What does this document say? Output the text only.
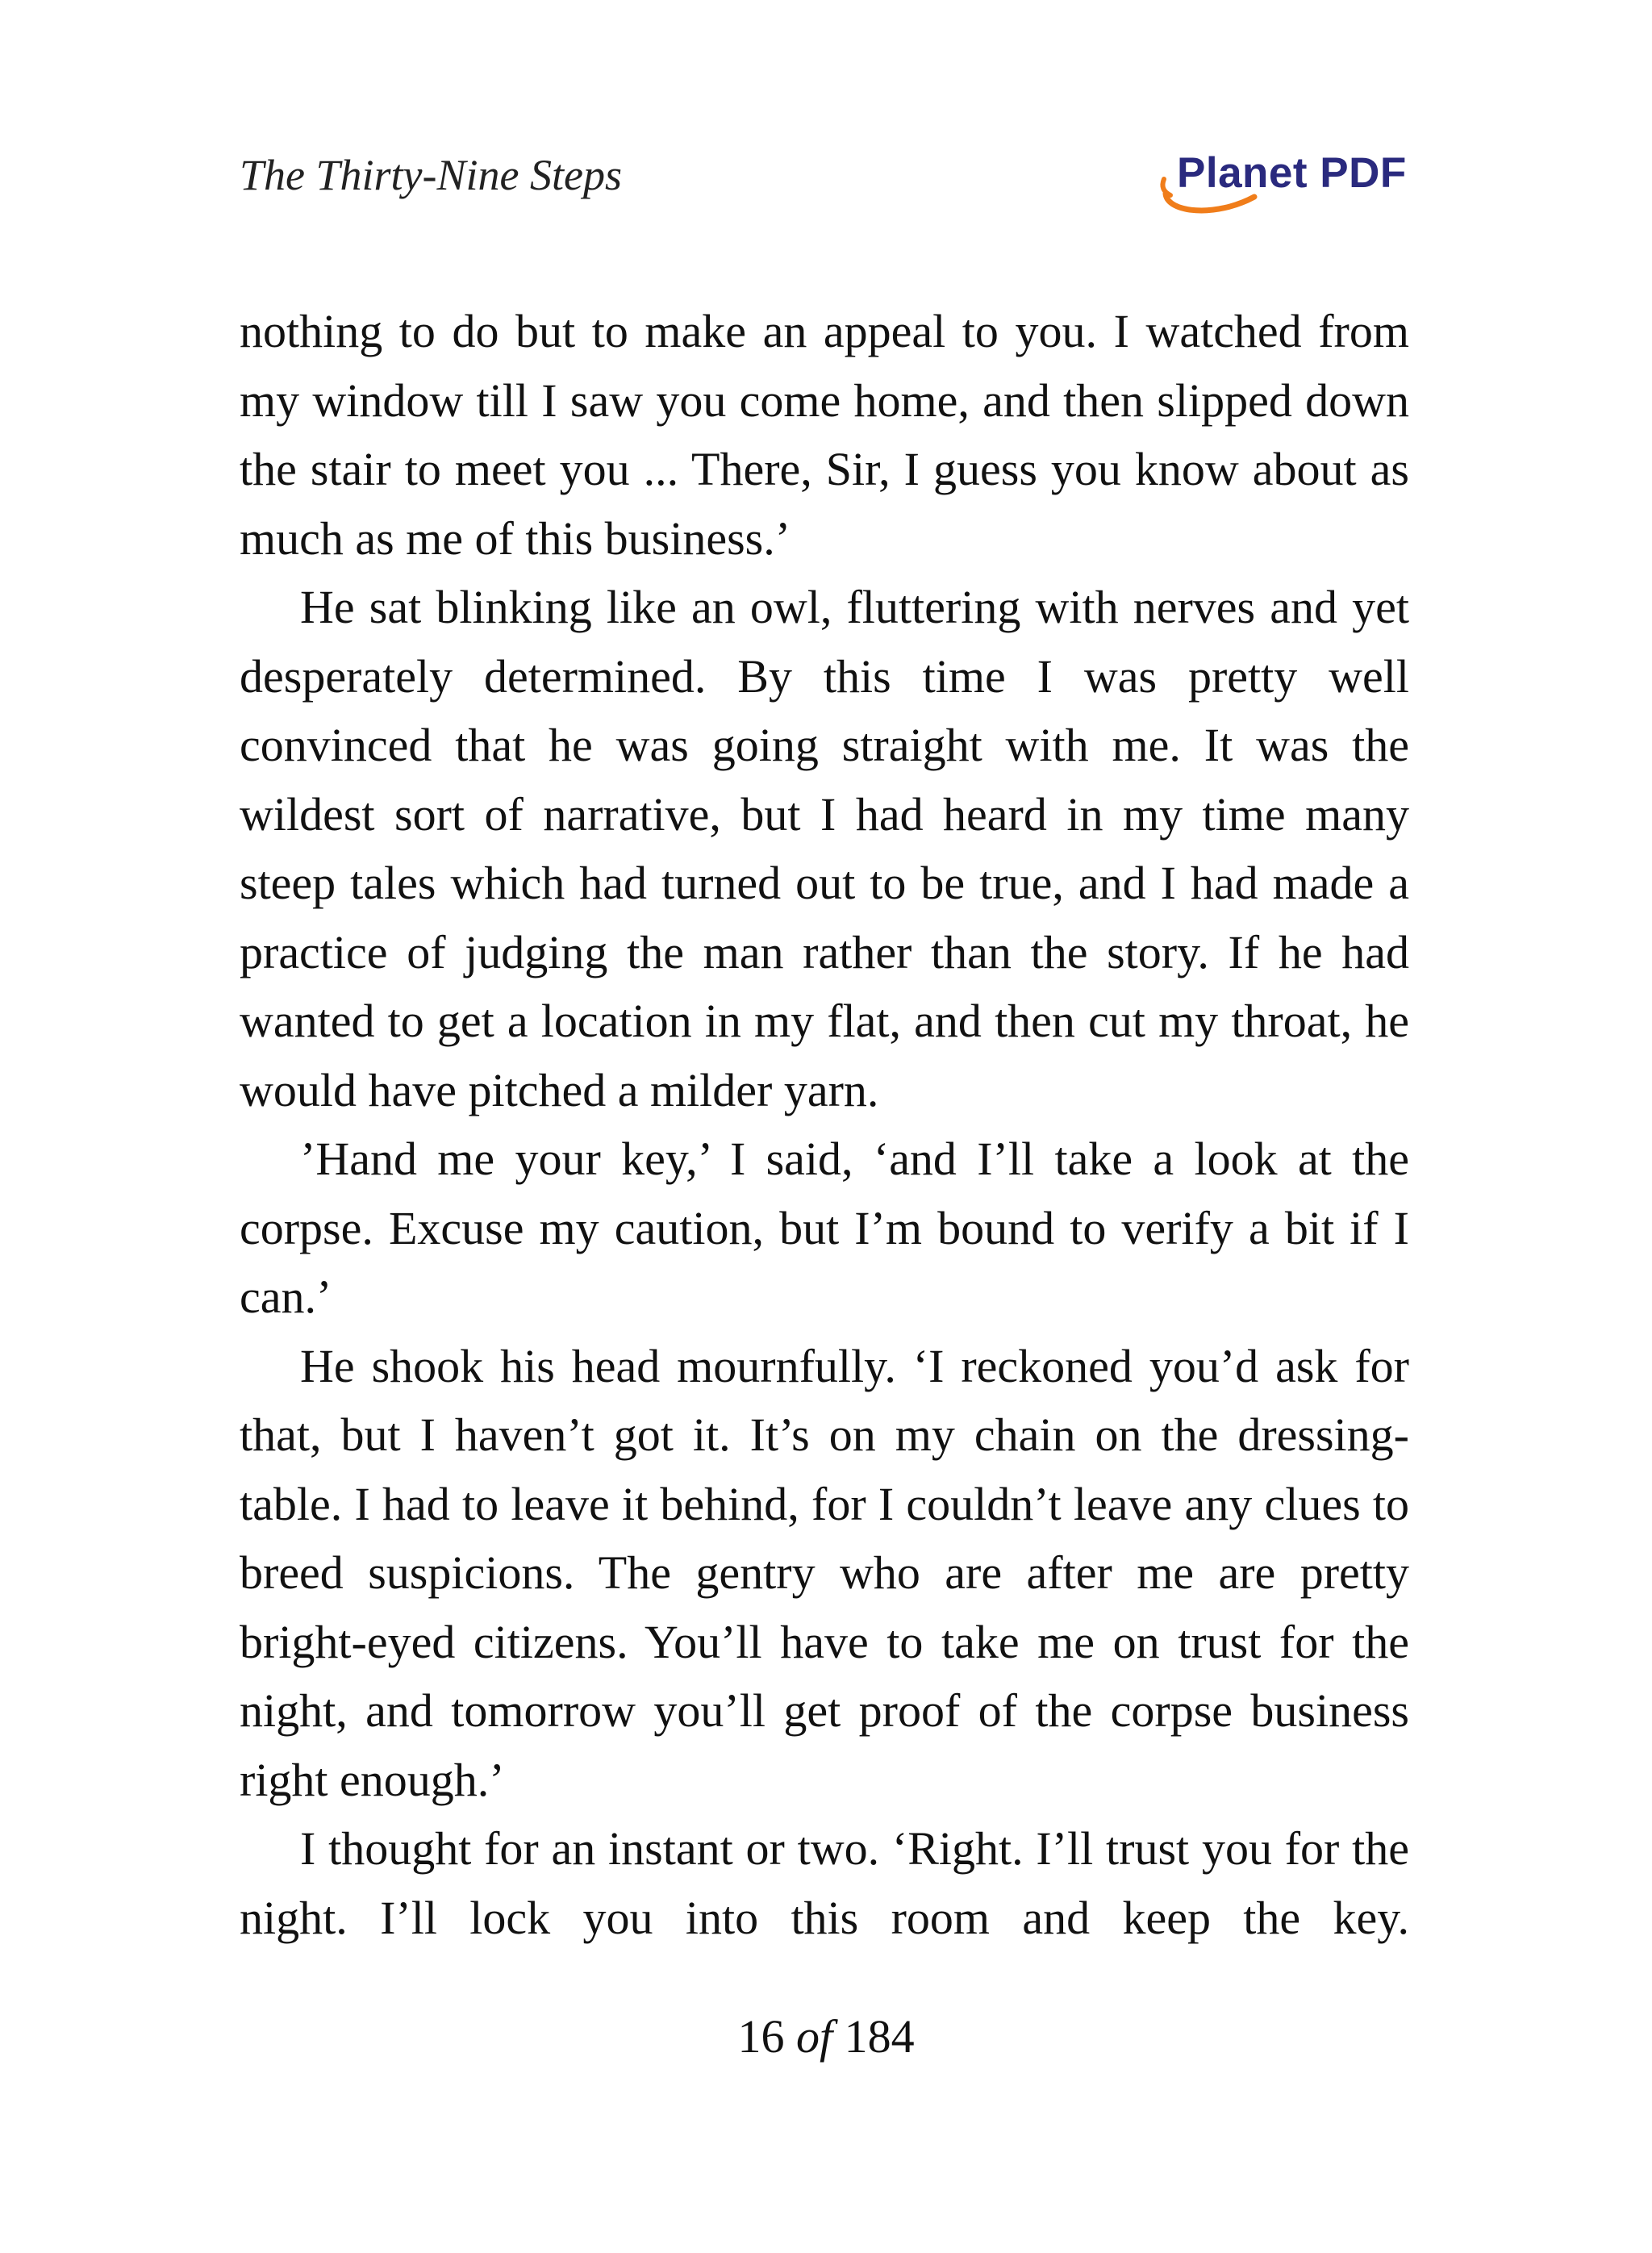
The Thirty-Nine Steps	Planet PDF

nothing to do but to make an appeal to you. I watched from my window till I saw you come home, and then slipped down the stair to meet you ... There, Sir, I guess you know about as much as me of this business.’

He sat blinking like an owl, fluttering with nerves and yet desperately determined. By this time I was pretty well convinced that he was going straight with me. It was the wildest sort of narrative, but I had heard in my time many steep tales which had turned out to be true, and I had made a practice of judging the man rather than the story. If he had wanted to get a location in my flat, and then cut my throat, he would have pitched a milder yarn.

’Hand me your key,’ I said, ‘and I’ll take a look at the corpse. Excuse my caution, but I’m bound to verify a bit if I can.’

He shook his head mournfully. ‘I reckoned you’d ask for that, but I haven’t got it. It’s on my chain on the dressing-table. I had to leave it behind, for I couldn’t leave any clues to breed suspicions. The gentry who are after me are pretty bright-eyed citizens. You’ll have to take me on trust for the night, and tomorrow you’ll get proof of the corpse business right enough.’

I thought for an instant or two. ‘Right. I’ll trust you for the night. I’ll lock you into this room and keep the key.

16 of 184
